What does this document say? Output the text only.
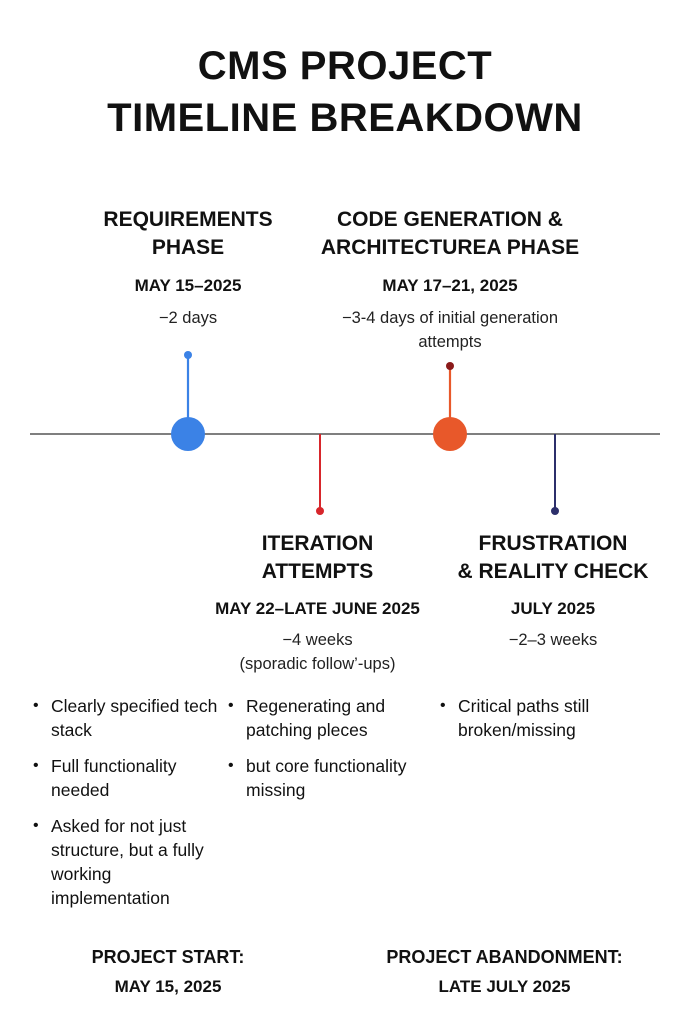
CMS PROJECT
TIMELINE BREAKDOWN
REQUIREMENTS
PHASE
MAY 15–2025
−2 days
CODE GENERATION &
ARCHITECTUREA PHASE
MAY 17–21, 2025
−3-4 days of initial generation
attempts
ITERATION
ATTEMPTS
MAY 22–LATE JUNE 2025
−4 weeks
(sporadic follow’-ups)
FRUSTRATION
& REALITY CHECK
JULY 2025
−2–3 weeks
• Clearly specified tech stack
• Full functionality needed
• Asked for not just structure, but a fully working implementation
• Regenerating and patching pleces
• but core functionality missing
• Critical paths still broken/missing
PROJECT START:
MAY 15, 2025
PROJECT ABANDONMENT:
LATE JULY 2025
